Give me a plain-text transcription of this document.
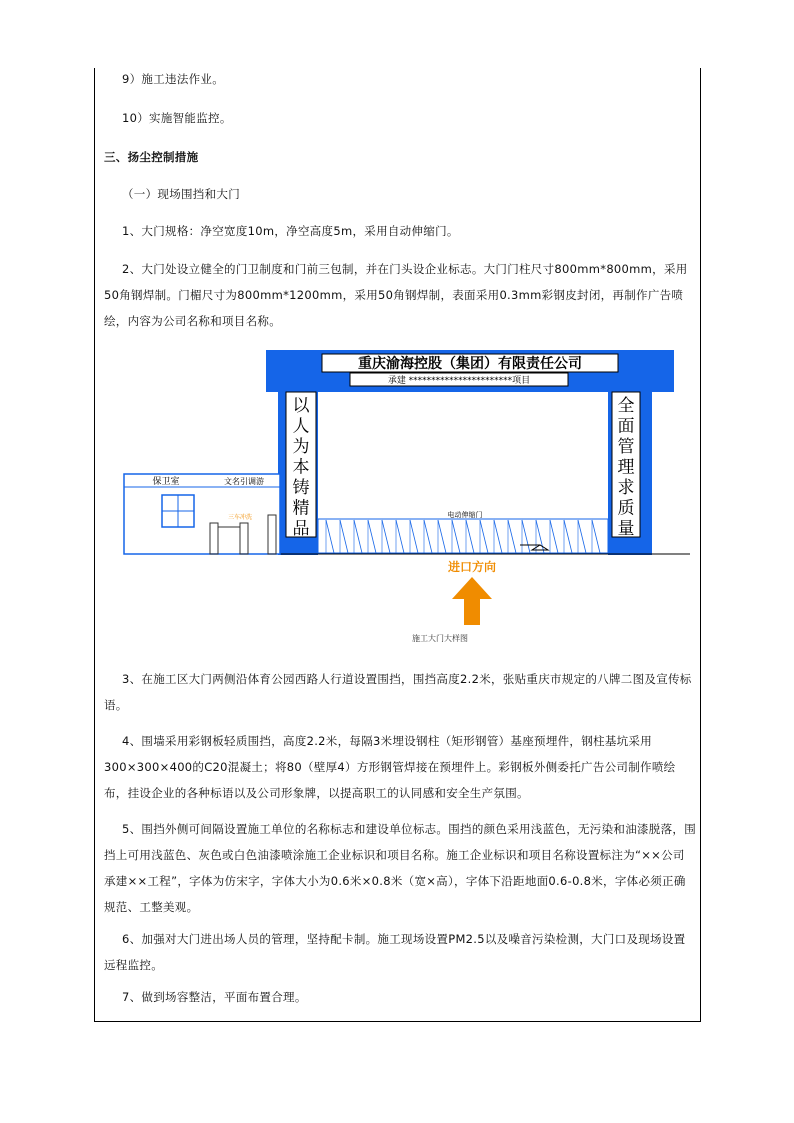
9）施工违法作业。
10）实施智能监控。
三、扬尘控制措施
（一）现场围挡和大门
1、大门规格：净空宽度10m，净空高度5m，采用自动伸缩门。
2、大门处设立健全的门卫制度和门前三包制，并在门头设企业标志。大门门柱尺寸800mm*800mm，采用50角钢焊制。门楣尺寸为800mm*1200mm，采用50角钢焊制，表面采用0.3mm彩钢皮封闭，再制作广告喷绘，内容为公司名称和项目名称。
重庆渝海控股（集团）有限责任公司
承建 ***********************项目
以
人
为
本
铸
精
品
全
面
管
理
求
质
量
保卫室	文名引调游
三车冲洗	电动伸缩门
进口方向
施工大门大样图
3、在施工区大门两侧沿体育公园西路人行道设置围挡，围挡高度2.2米，张贴重庆市规定的八牌二图及宣传标语。
4、围墙采用彩钢板轻质围挡，高度2.2米，每隔3米埋设钢柱（矩形钢管）基座预埋件，钢柱基坑采用300×300×400的C20混凝土；将80（壁厚4）方形钢管焊接在预埋件上。彩钢板外侧委托广告公司制作喷绘布，挂设企业的各种标语以及公司形象牌，以提高职工的认同感和安全生产氛围。
5、围挡外侧可间隔设置施工单位的名称标志和建设单位标志。围挡的颜色采用浅蓝色，无污染和油漆脱落，围挡上可用浅蓝色、灰色或白色油漆喷涂施工企业标识和项目名称。施工企业标识和项目名称设置标注为“××公司承建××工程”，字体为仿宋字，字体大小为0.6米×0.8米（宽×高），字体下沿距地面0.6-0.8米，字体必须正确规范、工整美观。
6、加强对大门进出场人员的管理，坚持配卡制。施工现场设置PM2.5以及噪音污染检测，大门口及现场设置远程监控。
7、做到场容整洁，平面布置合理。
